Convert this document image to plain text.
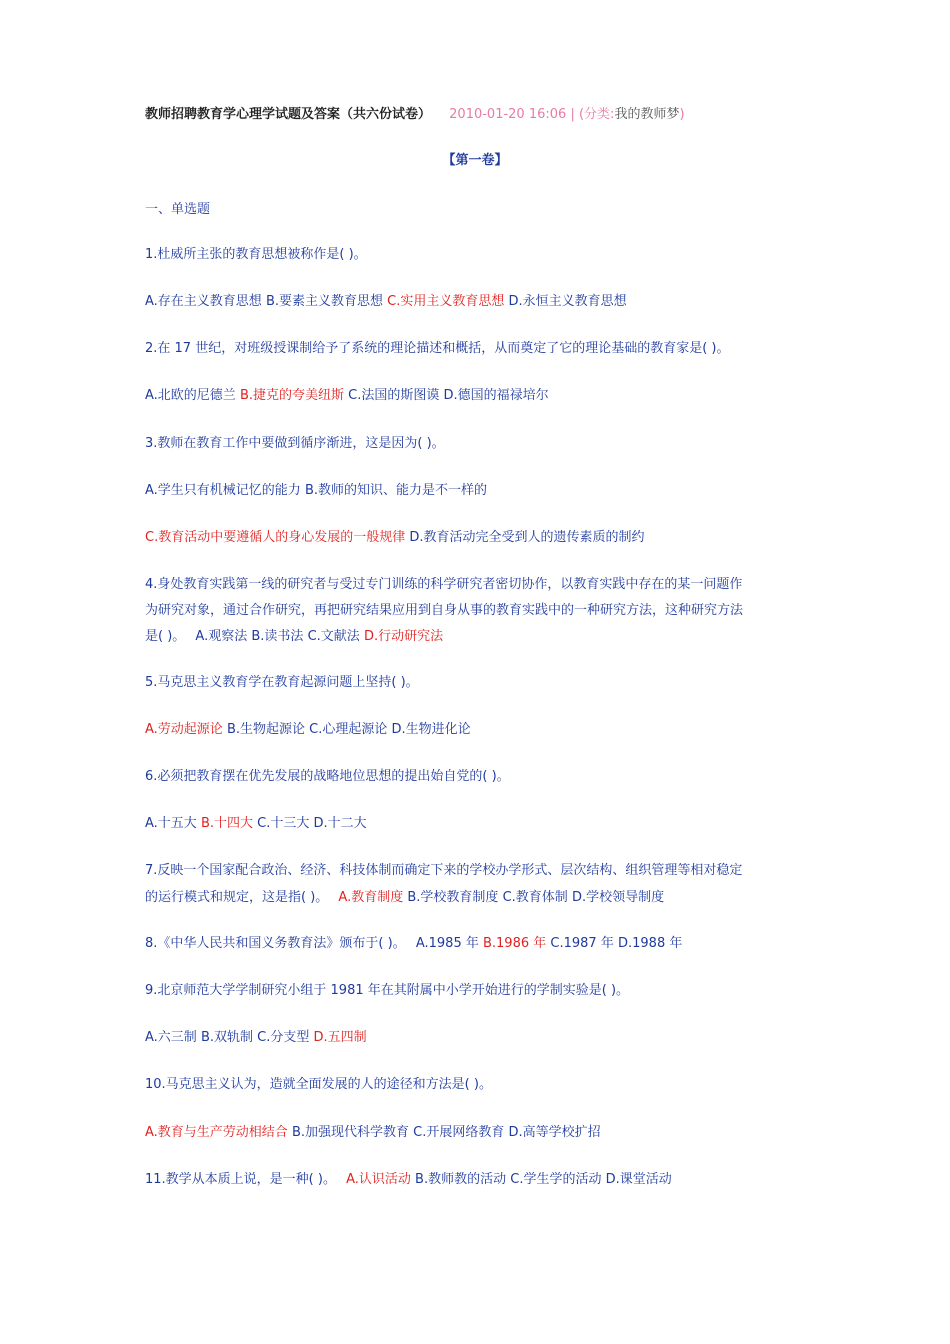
教师招聘教育学心理学试题及答案（共六份试卷） 2010-01-20 16:06 | (分类:我的教师梦)
【第一卷】
一、单选题
1.杜威所主张的教育思想被称作是( )。
A.存在主义教育思想 B.要素主义教育思想 C.实用主义教育思想 D.永恒主义教育思想
2.在 17 世纪，对班级授课制给予了系统的理论描述和概括，从而奠定了它的理论基础的教育家是( )。
A.北欧的尼德兰 B.捷克的夸美纽斯 C.法国的斯图谟 D.德国的福禄培尔
3.教师在教育工作中要做到循序渐进，这是因为( )。
A.学生只有机械记忆的能力 B.教师的知识、能力是不一样的
C.教育活动中要遵循人的身心发展的一般规律 D.教育活动完全受到人的遗传素质的制约
4.身处教育实践第一线的研究者与受过专门训练的科学研究者密切协作，以教育实践中存在的某一问题作
为研究对象，通过合作研究，再把研究结果应用到自身从事的教育实践中的一种研究方法，这种研究方法
是( )。 A.观察法 B.读书法 C.文献法 D.行动研究法
5.马克思主义教育学在教育起源问题上坚持( )。
A.劳动起源论 B.生物起源论 C.心理起源论 D.生物进化论
6.必须把教育摆在优先发展的战略地位思想的提出始自党的( )。
A.十五大 B.十四大 C.十三大 D.十二大
7.反映一个国家配合政治、经济、科技体制而确定下来的学校办学形式、层次结构、组织管理等相对稳定
的运行模式和规定，这是指( )。 A.教育制度 B.学校教育制度 C.教育体制 D.学校领导制度
8.《中华人民共和国义务教育法》颁布于( )。 A.1985 年 B.1986 年 C.1987 年 D.1988 年
9.北京师范大学学制研究小组于 1981 年在其附属中小学开始进行的学制实验是( )。
A.六三制 B.双轨制 C.分支型 D.五四制
10.马克思主义认为，造就全面发展的人的途径和方法是( )。
A.教育与生产劳动相结合 B.加强现代科学教育 C.开展网络教育 D.高等学校扩招
11.教学从本质上说，是一种( )。 A.认识活动 B.教师教的活动 C.学生学的活动 D.课堂活动
